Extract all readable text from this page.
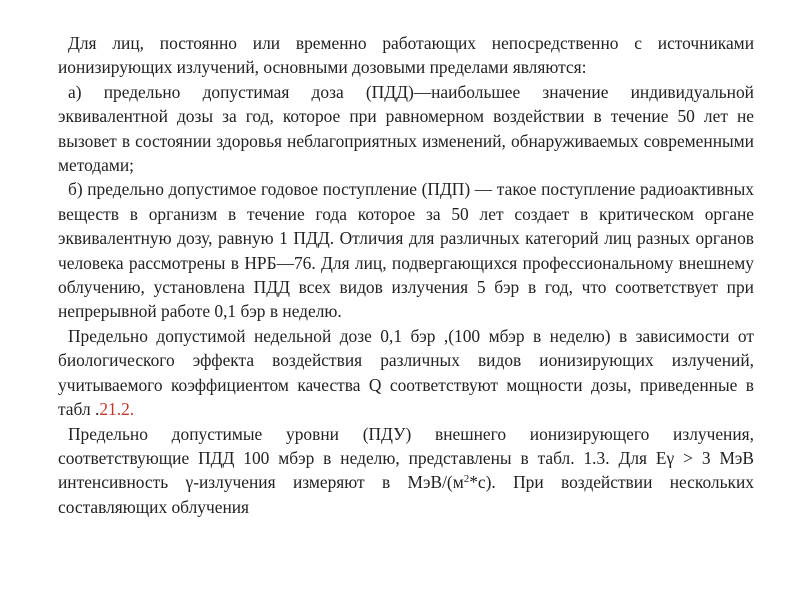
Для лиц, постоянно или временно работающих непосредственно с источниками ионизирующих излучений, основными дозовыми пределами являются:

а) предельно допустимая доза (ПДД)—наибольшее значение индивидуальной эквивалентной дозы за год, которое при равномерном воздействии в течение 50 лет не вызовет в состоянии здоровья неблагоприятных изменений, обнаруживаемых современными методами;

б) предельно допустимое годовое поступление (ПДП) — такое поступление радиоактивных веществ в организм в течение года которое за 50 лет создает в критическом органе эквивалентную дозу, равную 1 ПДД. Отличия для различных категорий лиц разных органов человека рассмотрены в НРБ—76. Для лиц, подвергающихся профессиональному внешнему облучению, установлена ПДД всех видов излучения 5 бэр в год, что соответствует при непрерывной работе 0,1 бэр в неделю.

Предельно допустимой недельной дозе 0,1 бэр ,(100 мбэр в неделю) в зависимости от биологического эффекта воздействия различных видов ионизирующих излучений, учитываемого коэффициентом качества Q соответствуют мощности дозы, приведенные в табл .21.2.

Предельно допустимые уровни (ПДУ) внешнего ионизирующего излучения, соответствующие ПДД 100 мбэр в неделю, представлены в табл. 1.3. Для Еγ > 3 МэВ интенсивность γ-излучения измеряют в МэВ/$(м^2*с)$. При воздействии нескольких составляющих облучения
